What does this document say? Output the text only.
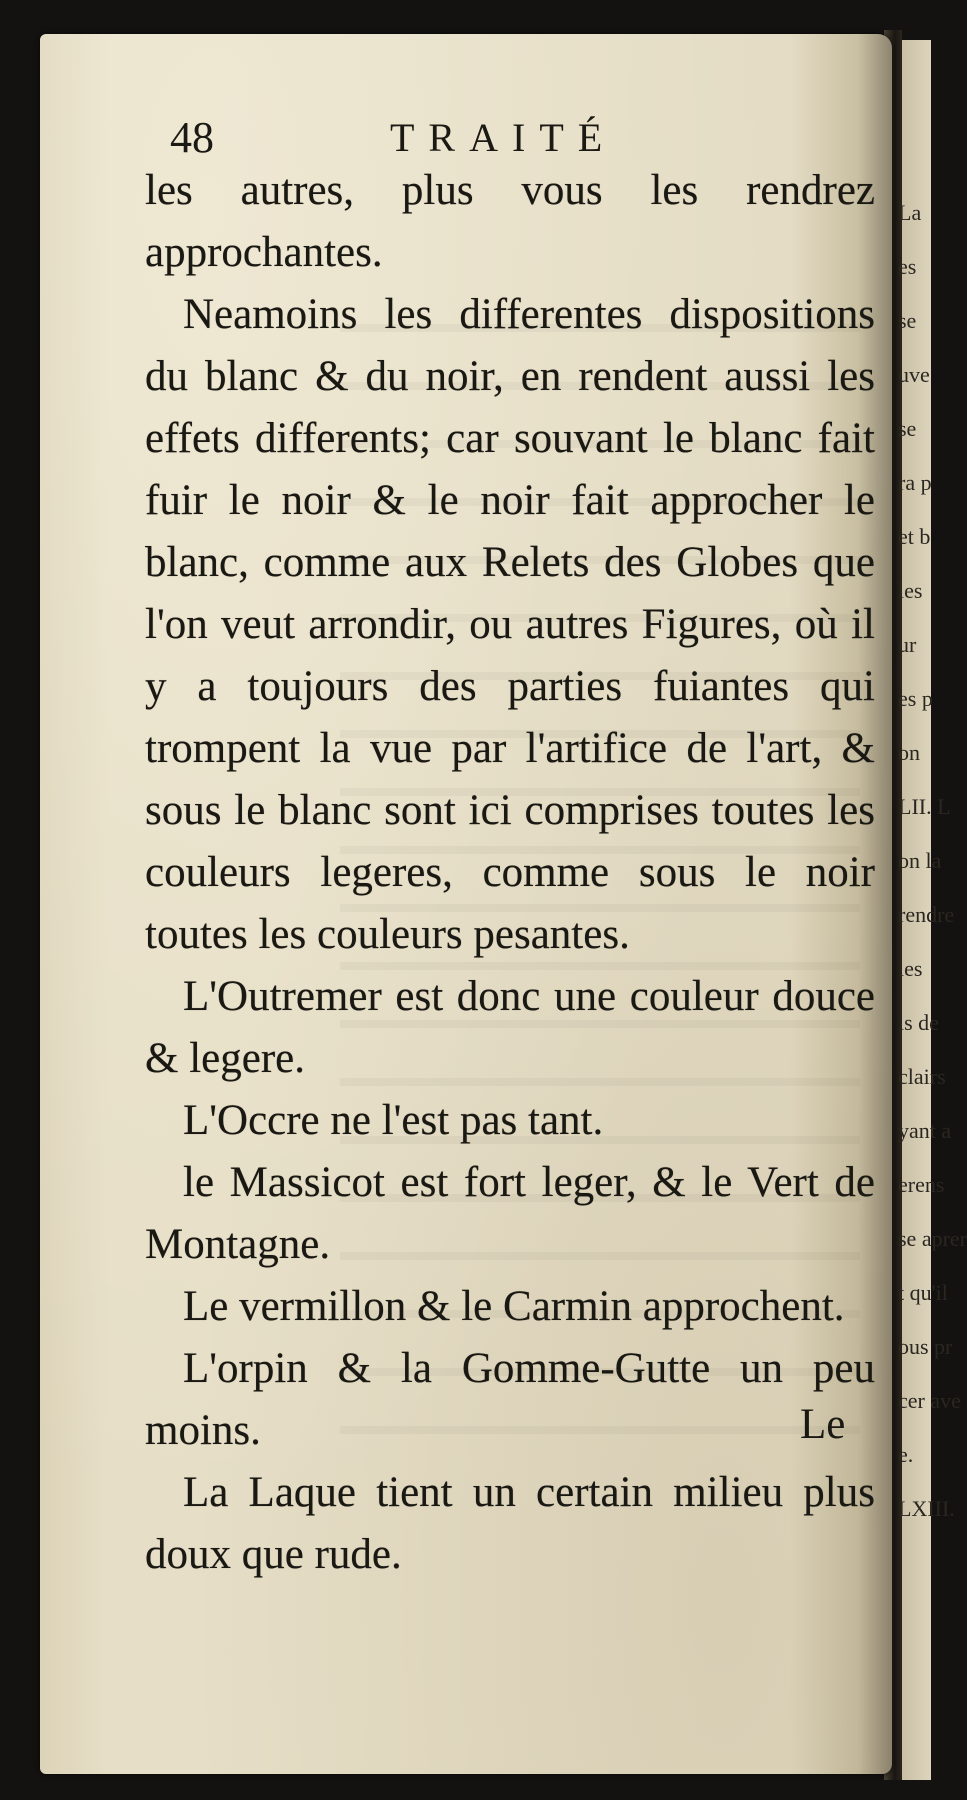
La
es
se
uve
se
ra p
et b
les
ur
es p
on
LII. L
on la
rendre
les
is de
clairs
yant a
erens
se aprer
t qu'il
ous pr
cer ave
e.
LXIII.
48	TRAITÉ

les autres, plus vous les rendrez approchantes.

Neamoins les differentes dispositions du blanc & du noir, en rendent aussi les effets differents; car souvant le blanc fait fuir le noir & le noir fait approcher le blanc, comme aux Relets des Globes que l'on veut arrondir, ou autres Figures, où il y a toujours des parties fuiantes qui trompent la vue par l'artifice de l'art, & sous le blanc sont ici comprises toutes les couleurs legeres, comme sous le noir toutes les couleurs pesantes.

L'Outremer est donc une couleur douce & legere.

L'Occre ne l'est pas tant.

le Massicot est fort leger, & le Vert de Montagne.

Le vermillon & le Carmin approchent.

L'orpin & la Gomme-Gutte un peu moins.

La Laque tient un certain milieu plus doux que rude.

Le
